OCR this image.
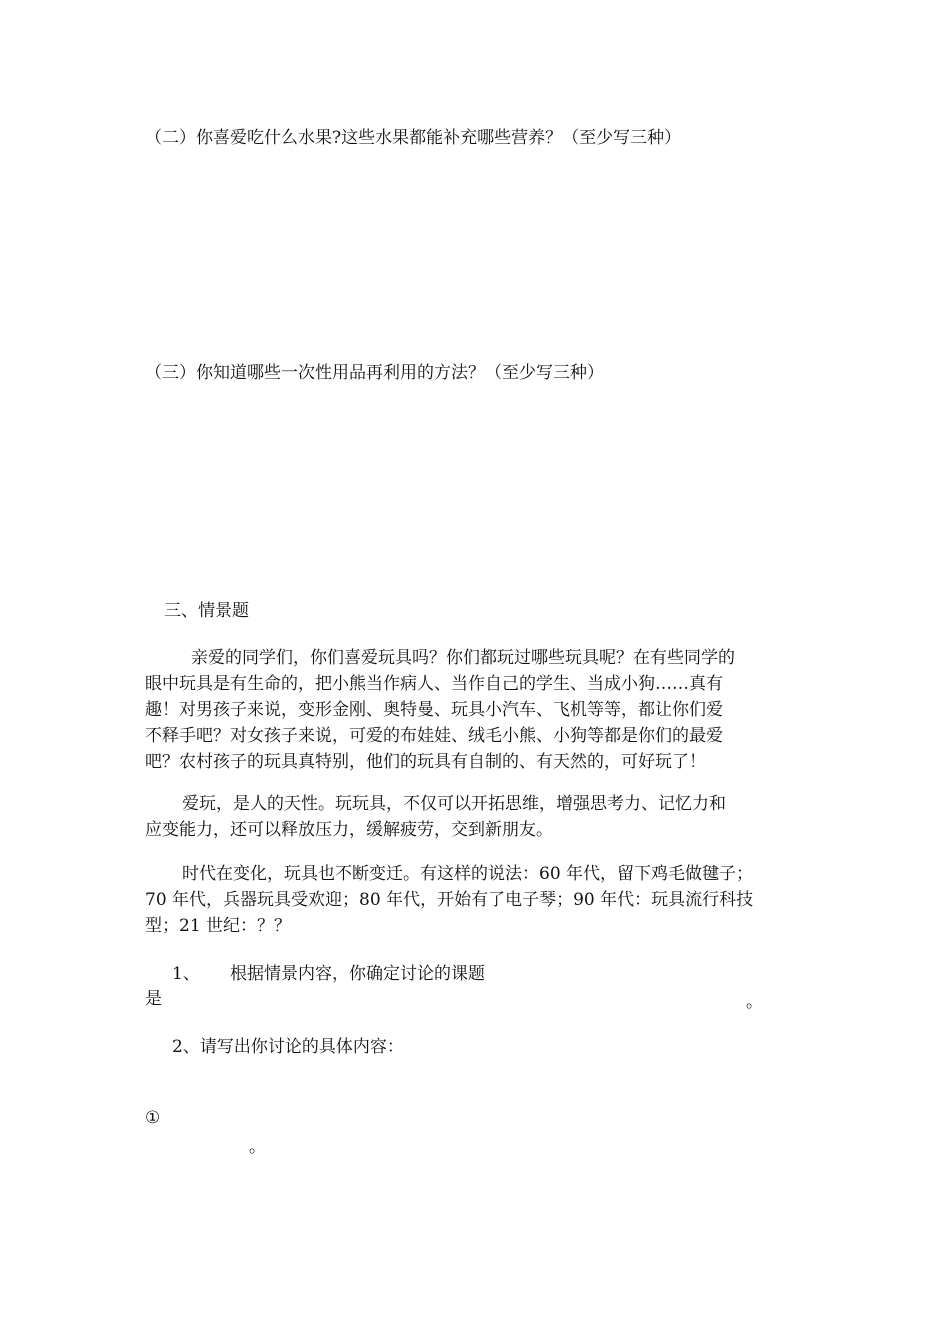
（二）你喜爱吃什么水果?这些水果都能补充哪些营养？（至少写三种）
（三）你知道哪些一次性用品再利用的方法？（至少写三种）
三、情景题
亲爱的同学们，你们喜爱玩具吗？你们都玩过哪些玩具呢？在有些同学的
眼中玩具是有生命的，把小熊当作病人、当作自己的学生、当成小狗……真有
趣！对男孩子来说，变形金刚、奥特曼、玩具小汽车、飞机等等，都让你们爱
不释手吧？对女孩子来说，可爱的布娃娃、绒毛小熊、小狗等都是你们的最爱
吧？农村孩子的玩具真特别，他们的玩具有自制的、有天然的，可好玩了！
爱玩，是人的天性。玩玩具，不仅可以开拓思维，增强思考力、记忆力和
应变能力，还可以释放压力，缓解疲劳，交到新朋友。
时代在变化，玩具也不断变迁。有这样的说法：60 年代，留下鸡毛做毽子；
70 年代，兵器玩具受欢迎；80 年代，开始有了电子琴；90 年代：玩具流行科技
型；21 世纪：？？
1、 根据情景内容，你确定讨论的课题
是	。
2、请写出你讨论的具体内容：
①
。
